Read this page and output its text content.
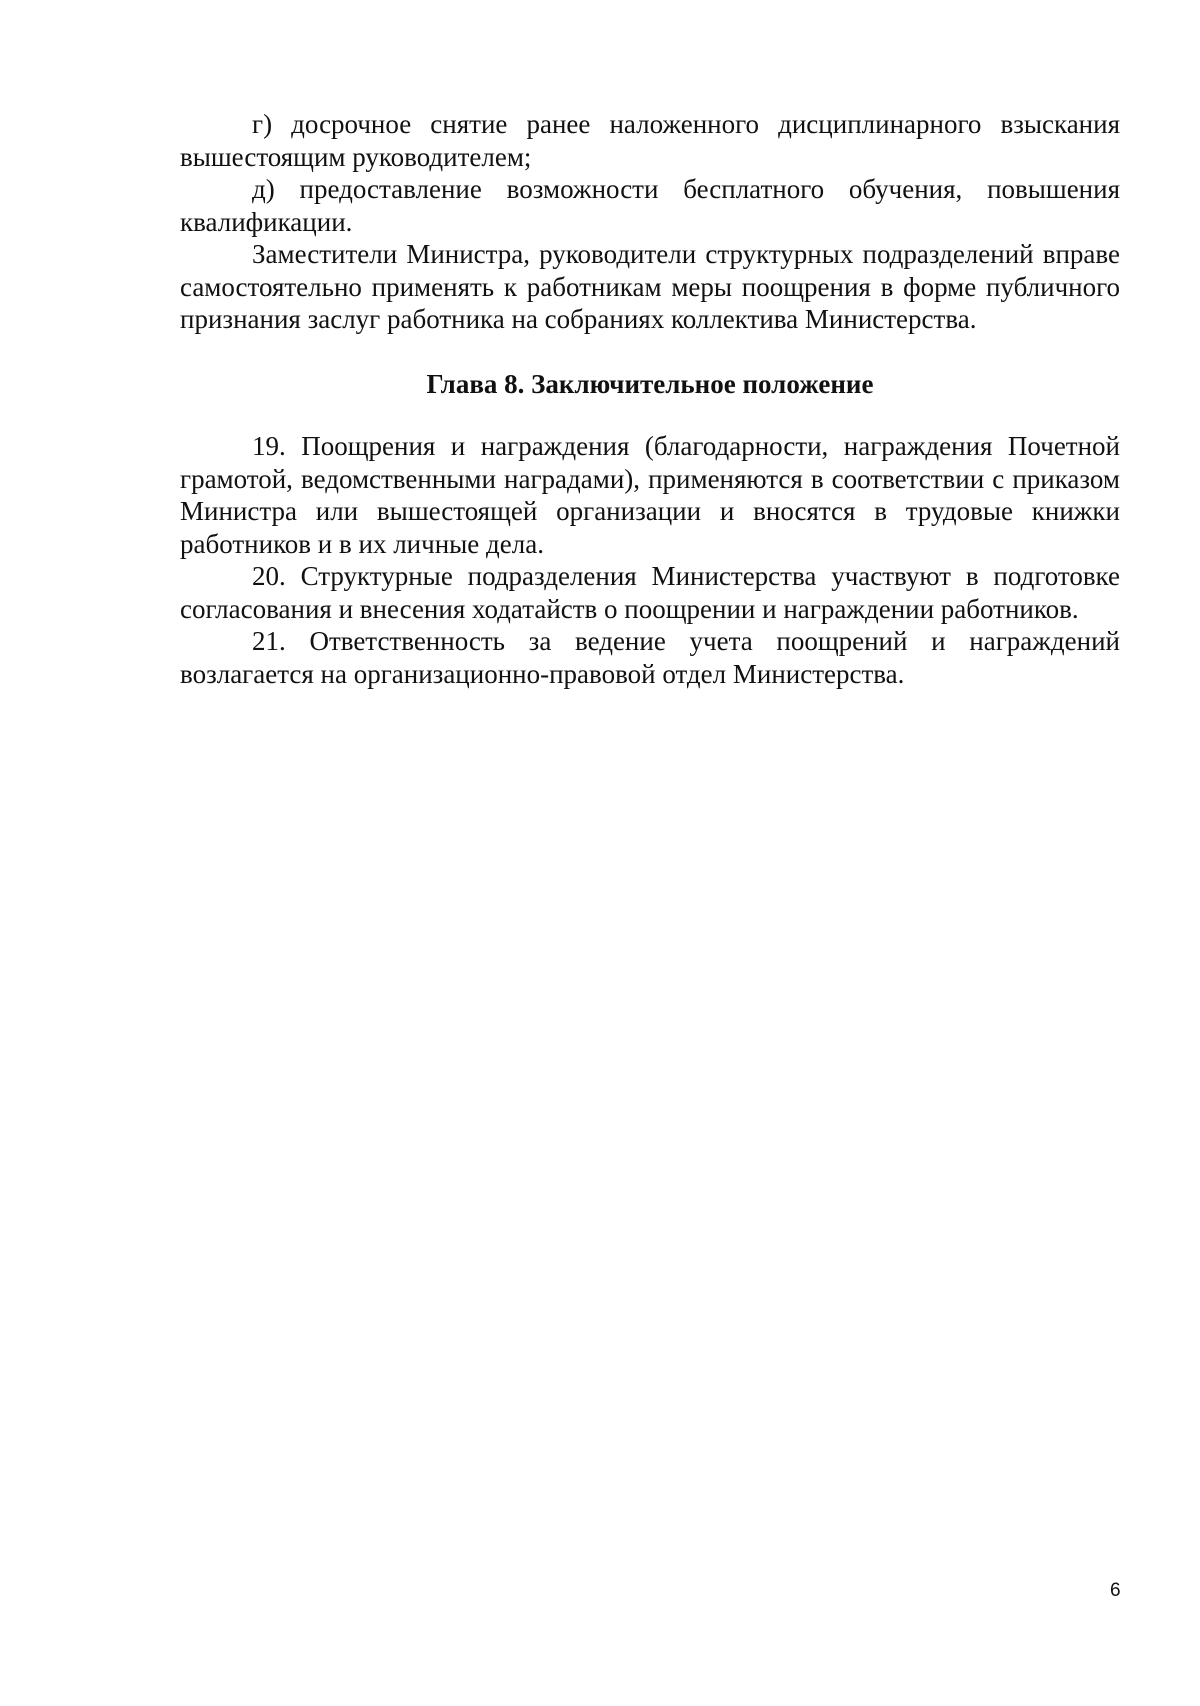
г) досрочное снятие ранее наложенного дисциплинарного взыскания вышестоящим руководителем;

д) предоставление возможности бесплатного обучения, повышения квалификации.

Заместители Министра, руководители структурных подразделений вправе самостоятельно применять к работникам меры поощрения в форме публичного признания заслуг работника на собраниях коллектива Министерства.

Глава 8. Заключительное положение

19. Поощрения и награждения (благодарности, награждения Почетной грамотой, ведомственными наградами), применяются в соответствии с приказом Министра или вышестоящей организации и вносятся в трудовые книжки работников и в их личные дела.

20. Структурные подразделения Министерства участвуют в подготовке согласования и внесения ходатайств о поощрении и награждении работников.

21. Ответственность за ведение учета поощрений и награждений возлагается на организационно-правовой отдел Министерства.

6
